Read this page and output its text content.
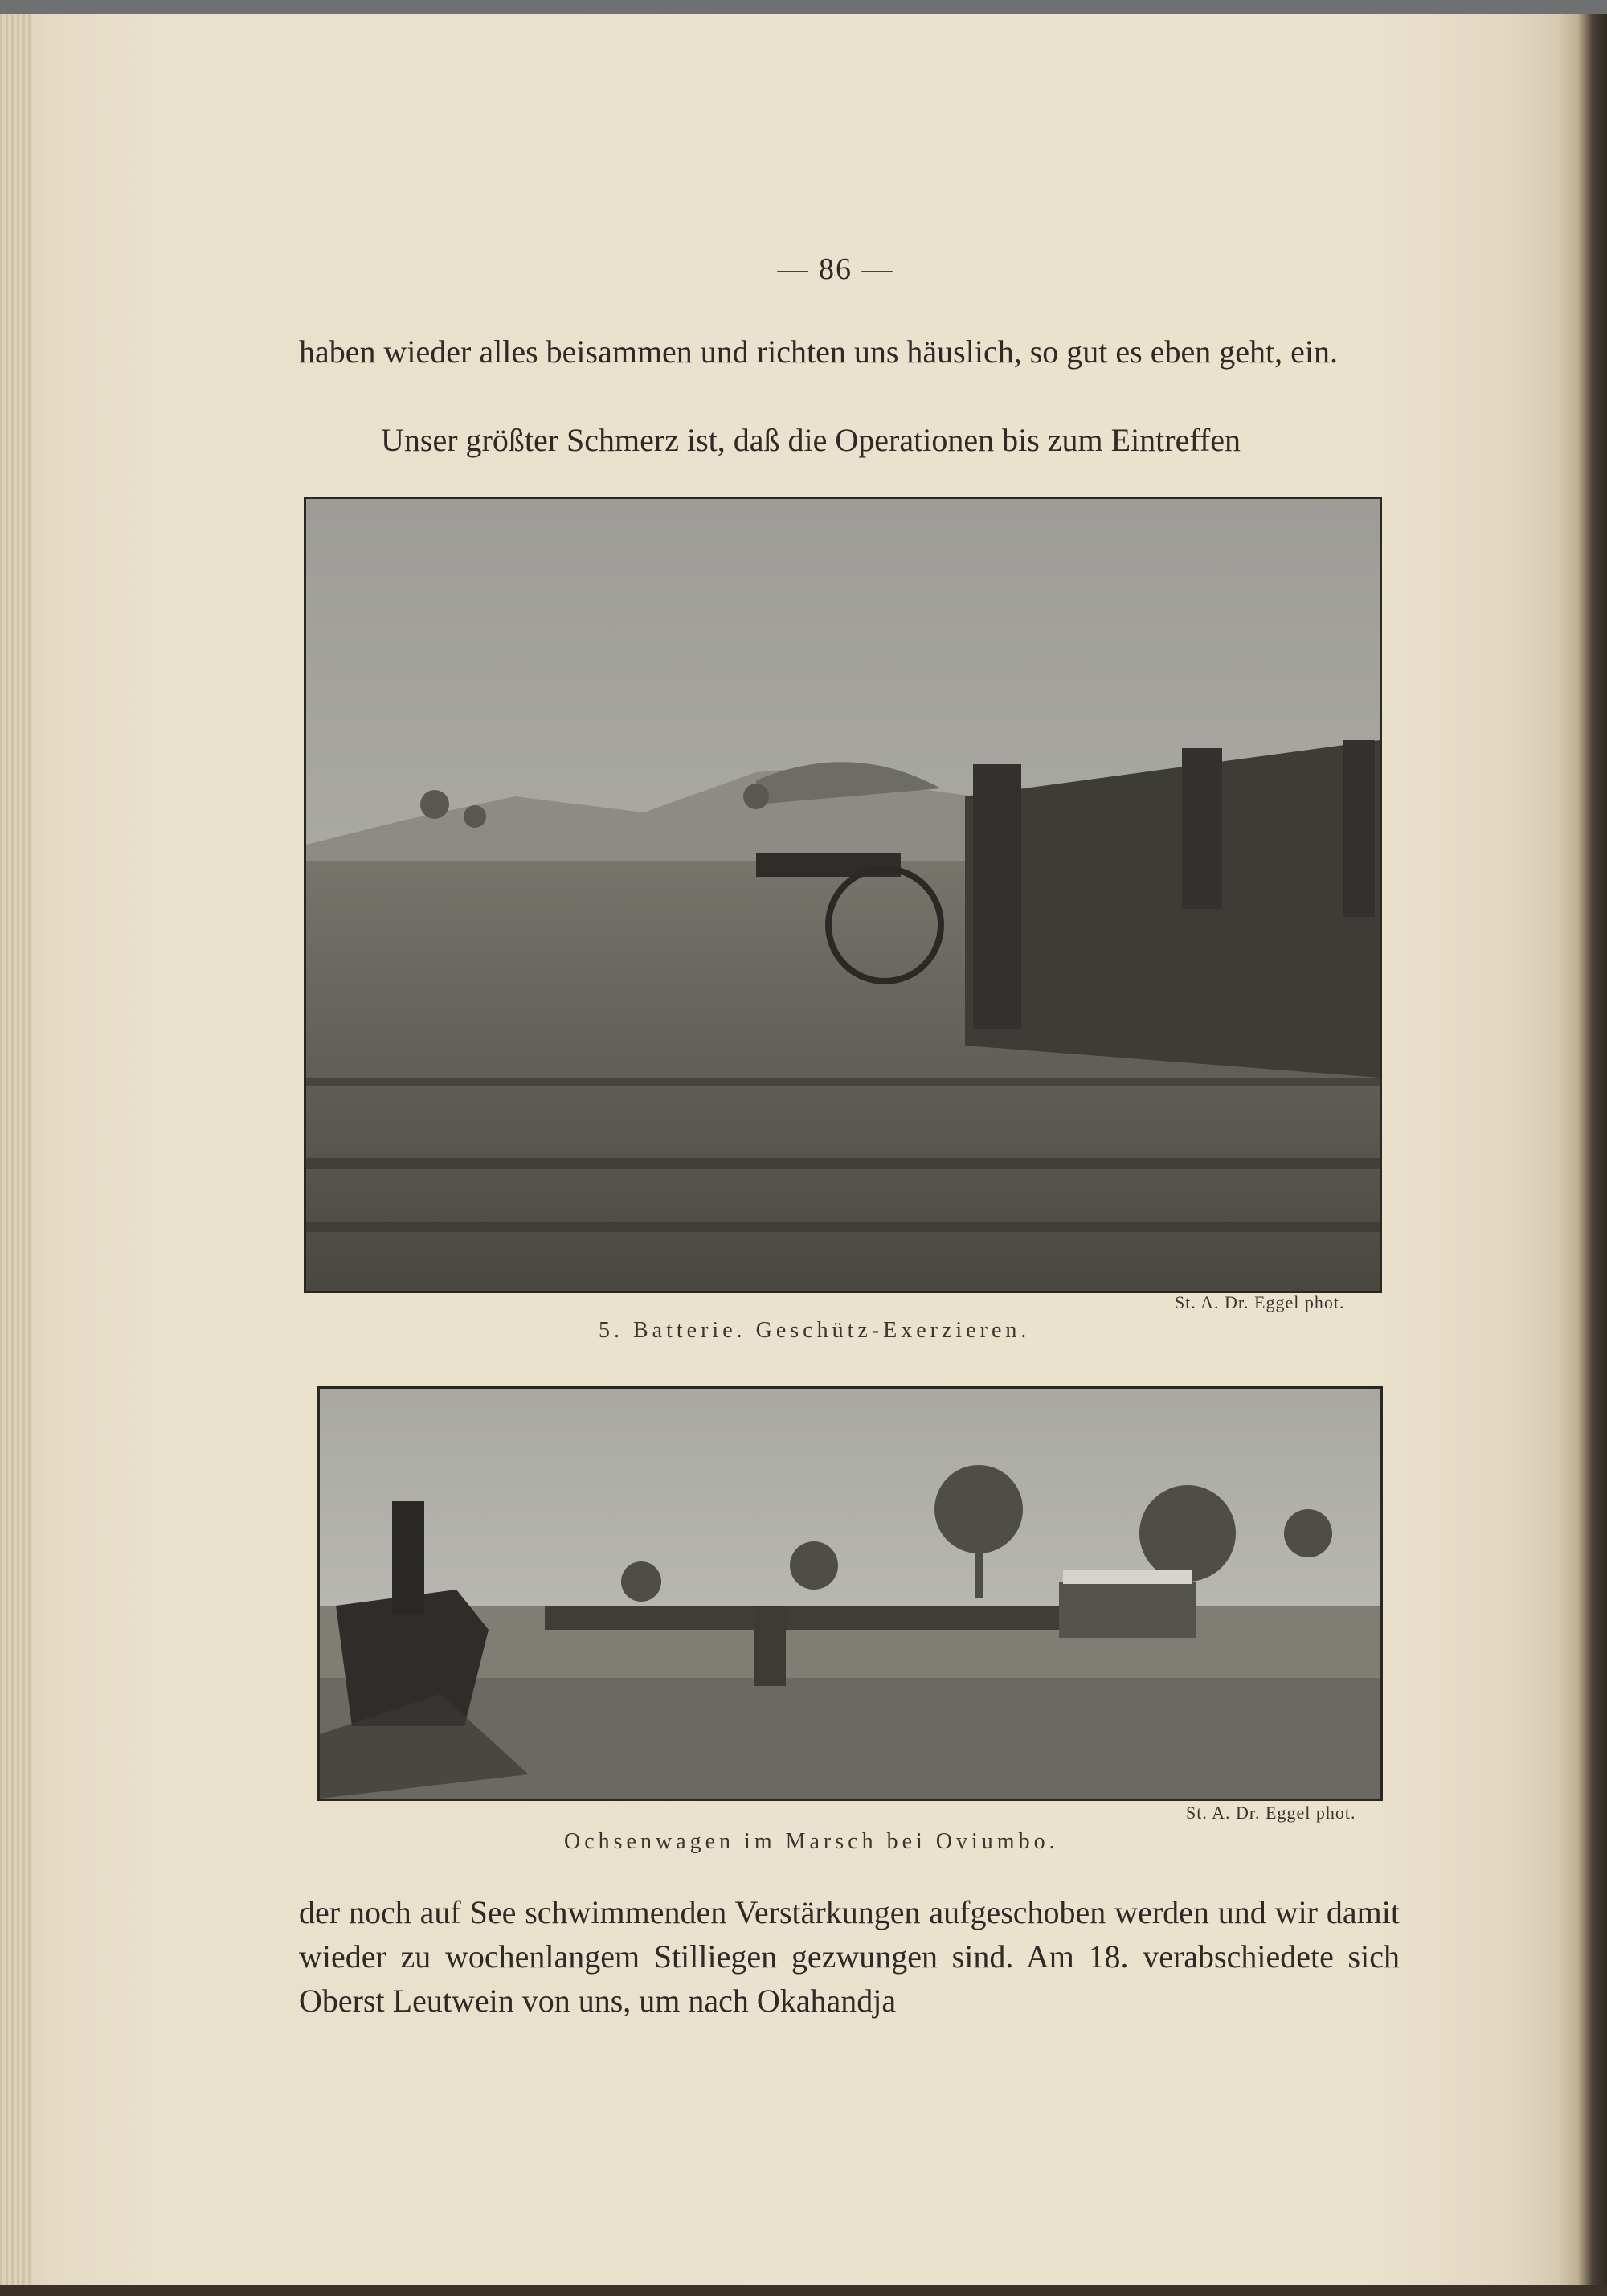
— 86 —

haben wieder alles beisammen und richten uns häuslich, so gut es eben geht, ein.

Unser größter Schmerz ist, daß die Operationen bis zum Eintreffen

St. A. Dr. Eggel phot.
5. Batterie. Geschütz-Exerzieren.
St. A. Dr. Eggel phot.
Ochsenwagen im Marsch bei Oviumbo.

der noch auf See schwimmenden Verstärkungen aufgeschoben werden und wir damit wieder zu wochenlangem Stilliegen gezwungen sind. Am 18. verabschiedete sich Oberst Leutwein von uns, um nach Okahandja
